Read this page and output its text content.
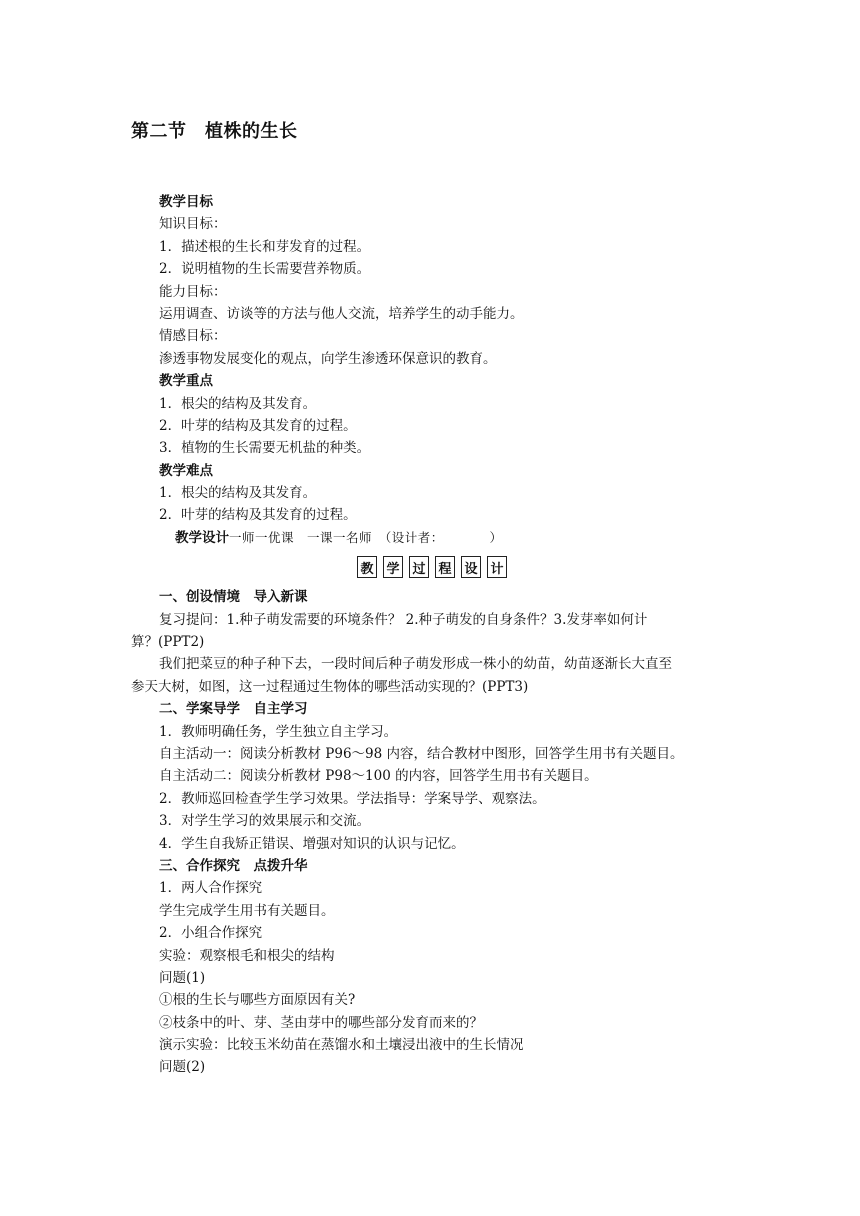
第二节　植株的生长
教学目标
知识目标：
1．描述根的生长和芽发育的过程。
2．说明植物的生长需要营养物质。
能力目标：
运用调查、访谈等的方法与他人交流，培养学生的动手能力。
情感目标：
渗透事物发展变化的观点，向学生渗透环保意识的教育。
教学重点
1．根尖的结构及其发育。
2．叶芽的结构及其发育的过程。
3．植物的生长需要无机盐的种类。
教学难点
1．根尖的结构及其发育。
2．叶芽的结构及其发育的过程。
教学设计一师一优课　一课一名师　（设计者：　　　　）
教 学 过 程 设 计
一、创设情境　导入新课
复习提问：1.种子萌发需要的环境条件？ 2.种子萌发的自身条件？3.发芽率如何计
算？(PPT2)
我们把菜豆的种子种下去，一段时间后种子萌发形成一株小的幼苗，幼苗逐渐长大直至
参天大树，如图，这一过程通过生物体的哪些活动实现的？(PPT3)
二、学案导学　自主学习
1．教师明确任务，学生独立自主学习。
自主活动一：阅读分析教材 P96～98 内容，结合教材中图形，回答学生用书有关题目。
自主活动二：阅读分析教材 P98～100 的内容，回答学生用书有关题目。
2．教师巡回检查学生学习效果。学法指导：学案导学、观察法。
3．对学生学习的效果展示和交流。
4．学生自我矫正错误、增强对知识的认识与记忆。
三、合作探究　点拨升华
1．两人合作探究
学生完成学生用书有关题目。
2．小组合作探究
实验：观察根毛和根尖的结构
问题(1)
①根的生长与哪些方面原因有关?
②枝条中的叶、芽、茎由芽中的哪些部分发育而来的？
演示实验：比较玉米幼苗在蒸馏水和土壤浸出液中的生长情况
问题(2)
